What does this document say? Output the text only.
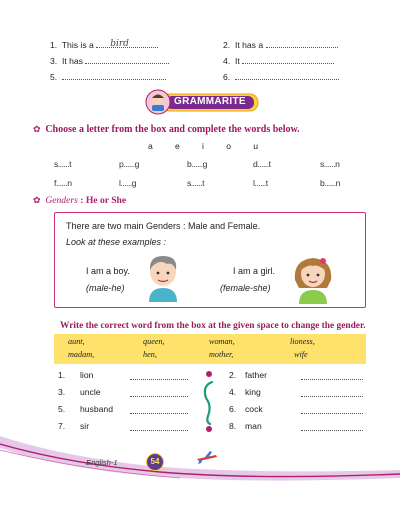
1. This is a bird
3. It has
5.
2. It has a
4. It
6.
GRAMMARITE
✿ Choose a letter from the box and complete the words below.
a	e	i	o	u
s......t	p......g	b......g	d......t	s......n
f......n	l......g	s......t	l......t	b......n
✿ Genders : He or She
There are two main Genders : Male and Female.
Look at these examples :
I am a boy.
(male-he)
I am a girl.
(female-she)
Write the correct word from the box at the given space to change the gender.
aunt,	queen,	woman,	lioness,
madam,	hen,	mother,	wife
1. lion
3. uncle
5. husband
7. sir
2. father
4. king
6. cock
8. man
English-1	54
